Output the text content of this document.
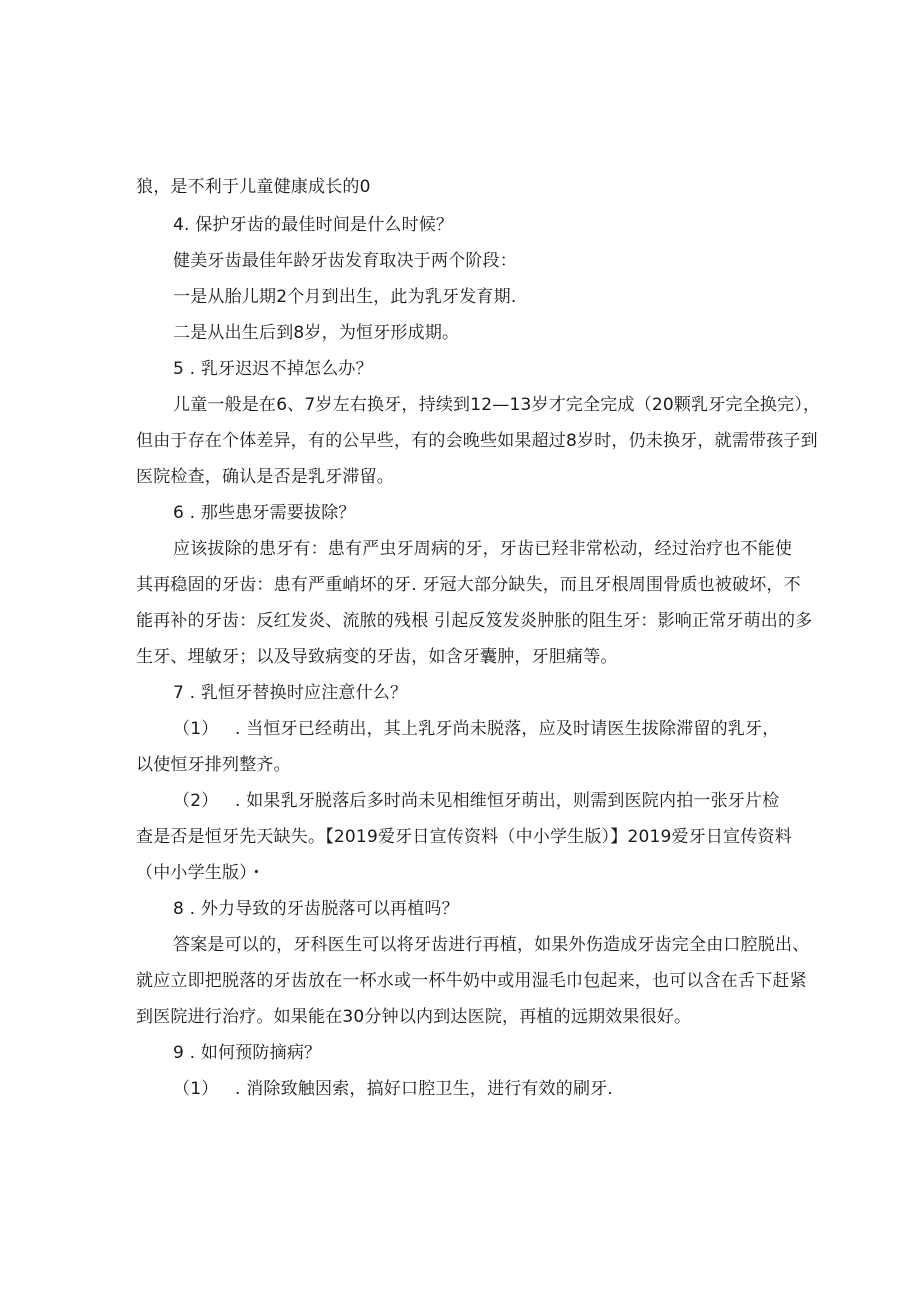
狼，是不利于儿童健康成长的0
4. 保护牙齿的最佳时间是什么时候？
健美牙齿最佳年龄牙齿发育取决于两个阶段：
一是从胎儿期2个月到出生，此为乳牙发育期.
二是从出生后到8岁，为恒牙形成期。
5 . 乳牙迟迟不掉怎么办？
儿童一般是在6、7岁左右换牙，持续到12—13岁才完全完成（20颗乳牙完全换完），
但由于存在个体差异，有的公早些，有的会晚些如果超过8岁时，仍未换牙，就需带孩子到
医院检查，确认是否是乳牙滞留。
6 . 那些患牙需要拔除？
应该拔除的患牙有：患有严虫牙周病的牙，牙齿已羟非常松动，经过治疗也不能使
其再稳固的牙齿：患有严重峭坏的牙. 牙冠大部分缺失，而且牙根周围骨质也被破坏，不
能再补的牙齿：反红发炎、流脓的残根 引起反笈发炎肿胀的阻生牙：影响正常牙萌出的多
生牙、埋敏牙；以及导致病变的牙齿，如含牙囊肿，牙胆痛等。
7 . 乳恒牙替换时应注意什么？
（1） . 当恒牙已经萌出，其上乳牙尚未脱落，应及时请医生拔除滞留的乳牙，
以使恒牙排列整齐。
（2） . 如果乳牙脱落后多时尚未见相维恒牙萌出，则需到医院内拍一张牙片检
查是否是恒牙先天缺失。【2019爱牙日宣传资料（中小学生版）】2019爱牙日宣传资料
（中小学生版）・
8 . 外力导致的牙齿脱落可以再植吗？
答案是可以的，牙科医生可以将牙齿进行再植，如果外伤造成牙齿完全由口腔脱出、
就应立即把脱落的牙齿放在一杯水或一杯牛奶中或用湿毛巾包起来，也可以含在舌下赶紧
到医院进行治疗。如果能在30分钟以内到达医院，再植的远期效果很好。
9 . 如何预防摘病？
（1） . 消除致触因索，搞好口腔卫生，进行有效的刷牙.
